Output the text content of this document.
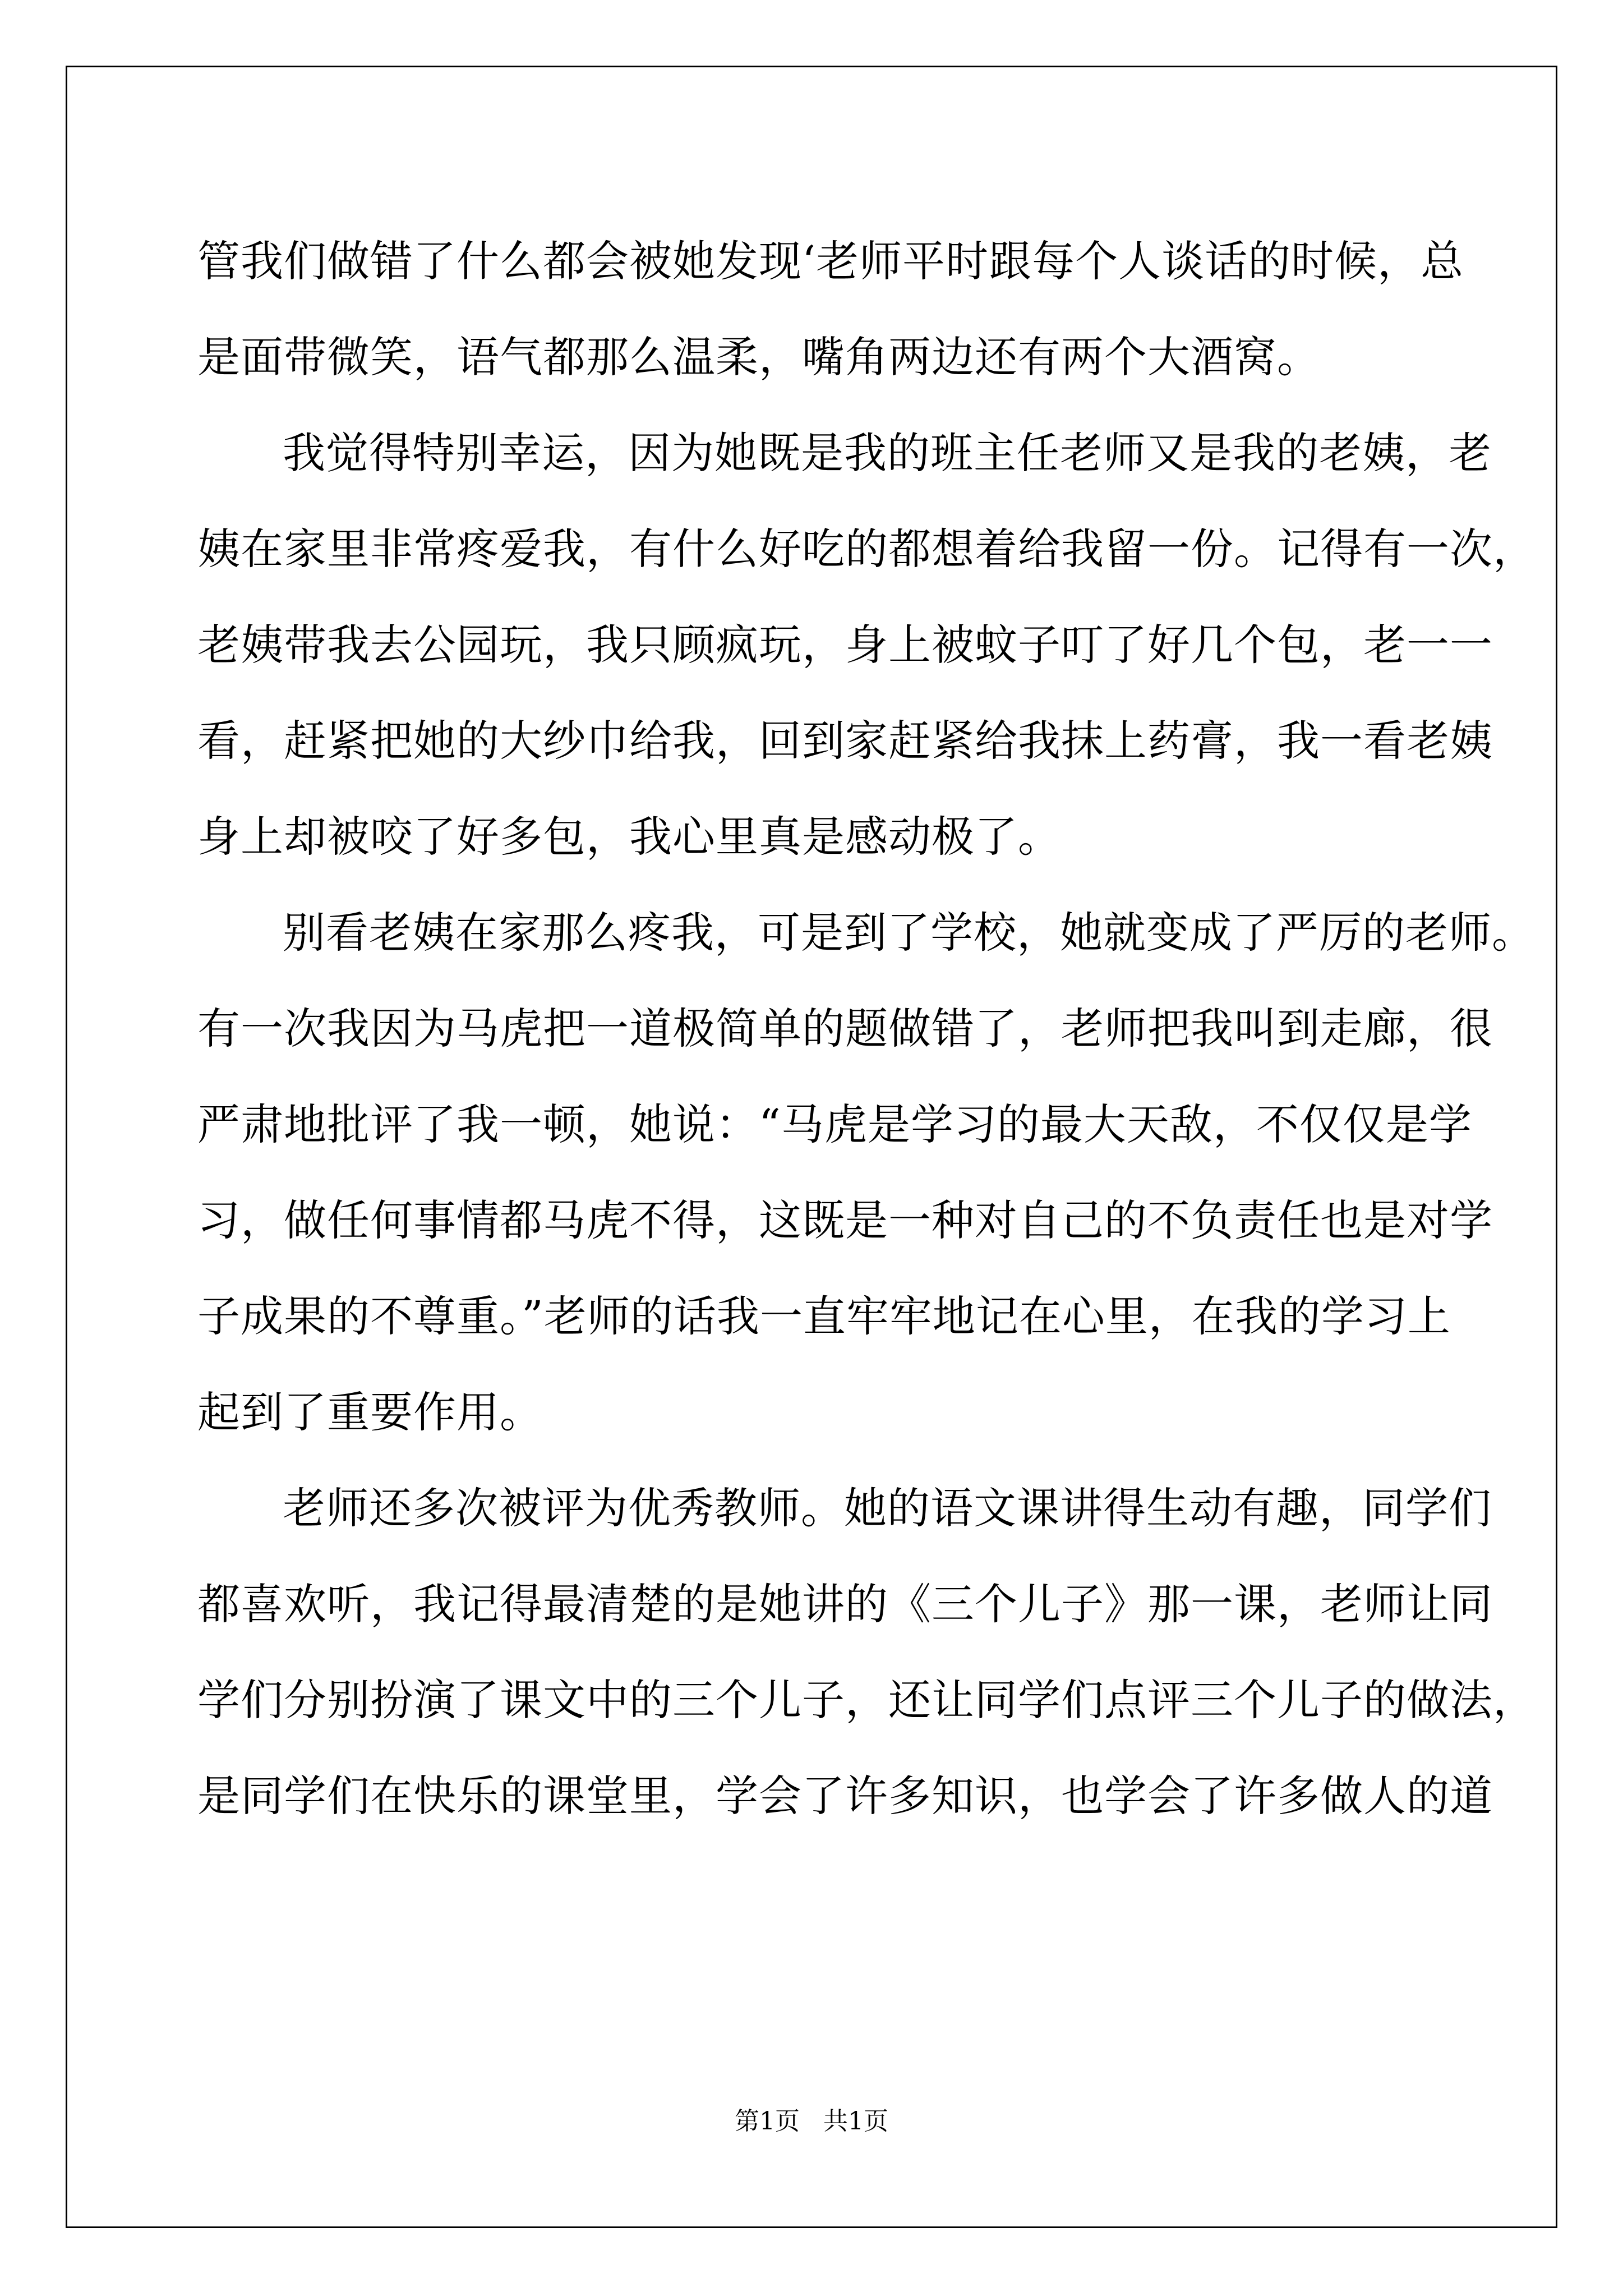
管我们做错了什么都会被她发现‘老师平时跟每个人谈话的时候，总
是面带微笑，语气都那么温柔，嘴角两边还有两个大酒窝。
我觉得特别幸运，因为她既是我的班主任老师又是我的老姨，老
姨在家里非常疼爱我，有什么好吃的都想着给我留一份。记得有一次，
老姨带我去公园玩，我只顾疯玩，身上被蚊子叮了好几个包，老一一
看，赶紧把她的大纱巾给我，回到家赶紧给我抹上药膏，我一看老姨
身上却被咬了好多包，我心里真是感动极了。
别看老姨在家那么疼我，可是到了学校，她就变成了严厉的老师。
有一次我因为马虎把一道极简单的题做错了，老师把我叫到走廊，很
严肃地批评了我一顿，她说：“马虎是学习的最大天敌，不仅仅是学
习，做任何事情都马虎不得，这既是一种对自己的不负责任也是对学
子成果的不尊重。”老师的话我一直牢牢地记在心里，在我的学习上
起到了重要作用。
老师还多次被评为优秀教师。她的语文课讲得生动有趣，同学们
都喜欢听，我记得最清楚的是她讲的《三个儿子》那一课，老师让同
学们分别扮演了课文中的三个儿子，还让同学们点评三个儿子的做法，
是同学们在快乐的课堂里，学会了许多知识，也学会了许多做人的道
第1页   共1页
